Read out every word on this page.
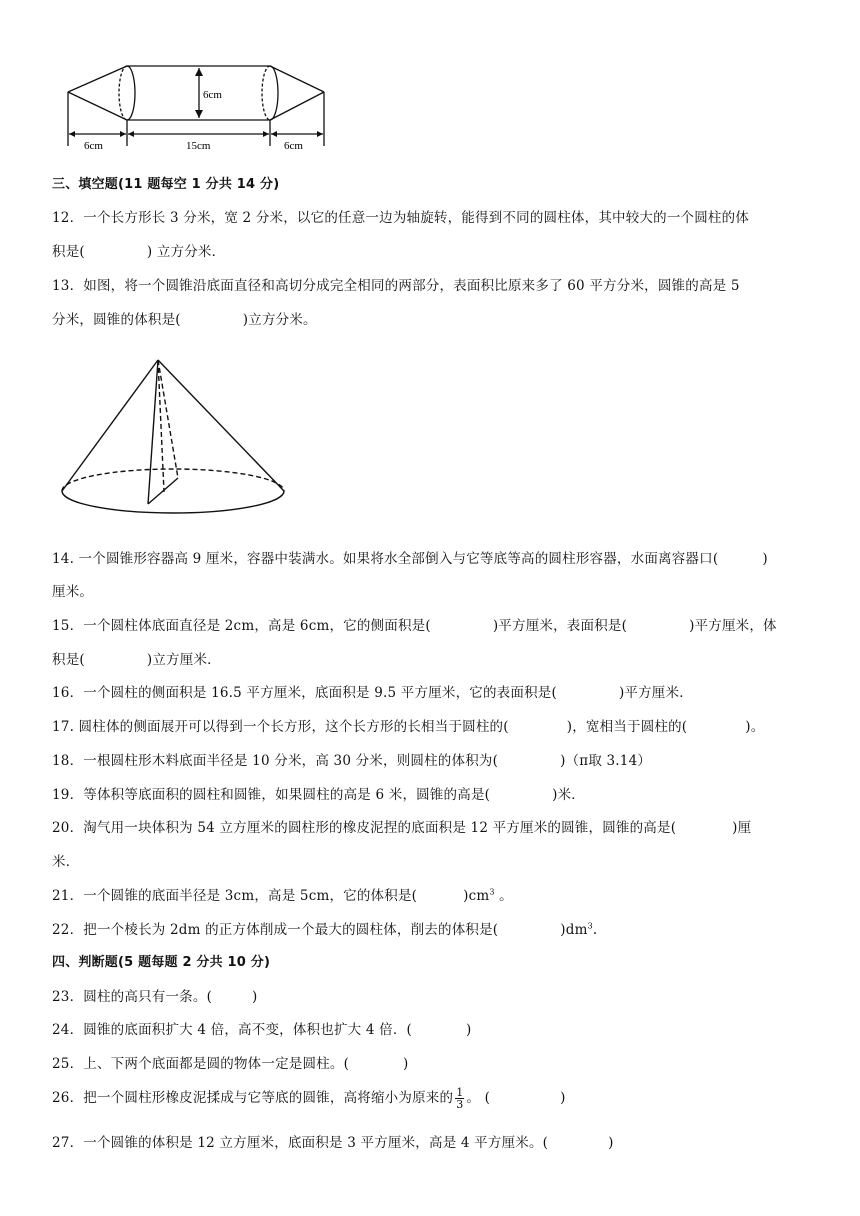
6cm
6cm	15cm	6cm
三、填空题(11 题每空 1 分共 14 分)
12．一个长方形长 3 分米，宽 2 分米，以它的任意一边为轴旋转，能得到不同的圆柱体，其中较大的一个圆柱的体
积是(	) 立方分米．
13．如图，将一个圆锥沿底面直径和高切分成完全相同的两部分，表面积比原来多了 60 平方分米，圆锥的高是 5
分米，圆锥的体积是(	)立方分米。
14. 一个圆锥形容器高 9 厘米，容器中装满水。如果将水全部倒入与它等底等高的圆柱形容器，水面离容器口(	)
厘米。
15．一个圆柱体底面直径是 2cm，高是 6cm，它的侧面积是(	)平方厘米，表面积是(	)平方厘米，体
积是(	)立方厘米．
16．一个圆柱的侧面积是 16.5 平方厘米，底面积是 9.5 平方厘米，它的表面积是(	)平方厘米．
17. 圆柱体的侧面展开可以得到一个长方形，这个长方形的长相当于圆柱的(	)，宽相当于圆柱的(	)。
18．一根圆柱形木料底面半径是 10 分米，高 30 分米，则圆柱的体积为(	)（π取 3.14）
19．等体积等底面积的圆柱和圆锥，如果圆柱的高是 6 米，圆锥的高是(	)米．
20．淘气用一块体积为 54 立方厘米的圆柱形的橡皮泥捏的底面积是 12 平方厘米的圆锥，圆锥的高是(	)厘
米．
21．一个圆锥的底面半径是 3cm，高是 5cm，它的体积是(	)$cm^3$ 。
22．把一个棱长为 2dm 的正方体削成一个最大的圆柱体，削去的体积是(	)$dm^3$.
四、判断题(5 题每题 2 分共 10 分)
23．圆柱的高只有一条。(	)
24．圆锥的底面积扩大 4 倍，高不变，体积也扩大 4 倍．(	)
25．上、下两个底面都是圆的物体一定是圆柱。(	)
26．把一个圆柱形橡皮泥揉成与它等底的圆锥，高将缩小为原来的 $\frac{1}{3}$ 。 (	)
27．一个圆锥的体积是 12 立方厘米，底面积是 3 平方厘米，高是 4 平方厘米。(	)
